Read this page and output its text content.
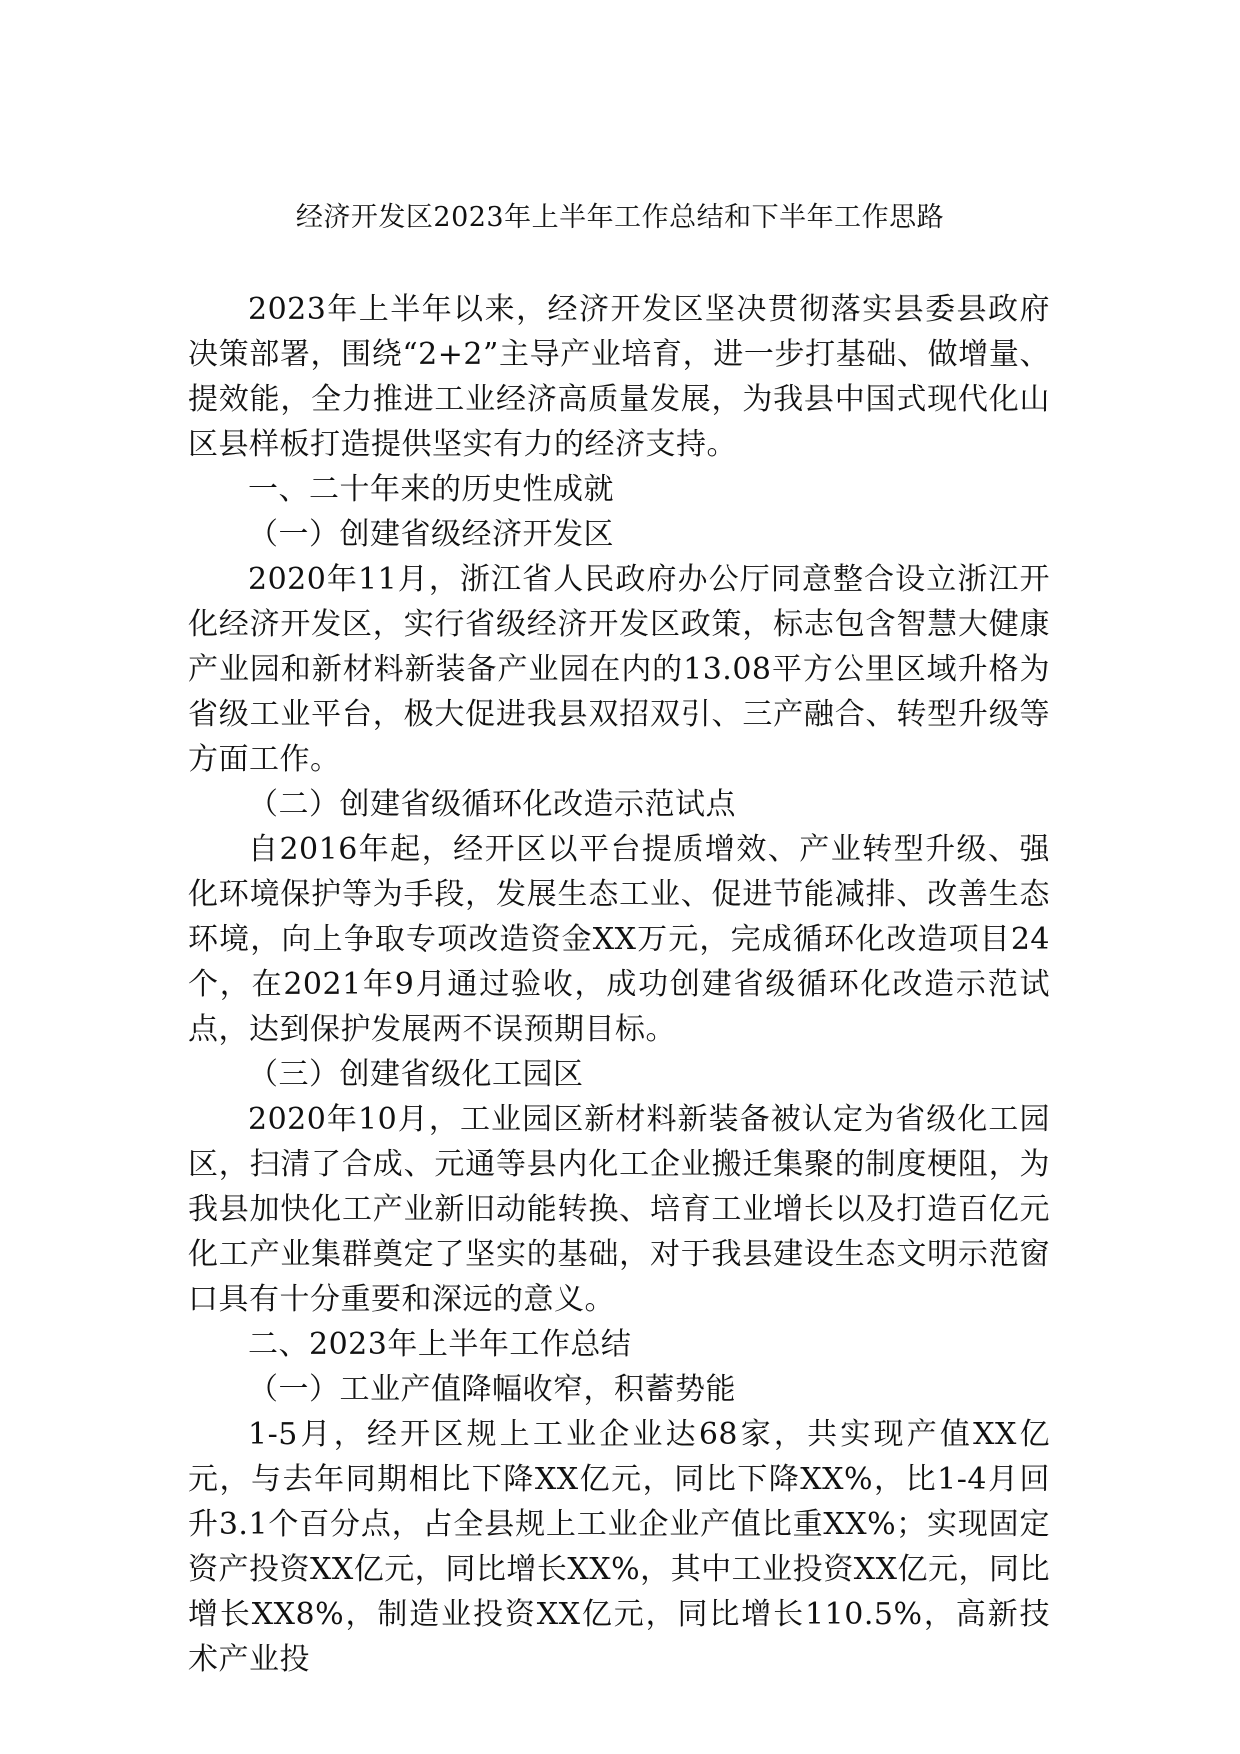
经济开发区2023年上半年工作总结和下半年工作思路

2023年上半年以来，经济开发区坚决贯彻落实县委县政府决策部署，围绕“2+2”主导产业培育，进一步打基础、做增量、提效能，全力推进工业经济高质量发展，为我县中国式现代化山区县样板打造提供坚实有力的经济支持。

一、二十年来的历史性成就

（一）创建省级经济开发区

2020年11月，浙江省人民政府办公厅同意整合设立浙江开化经济开发区，实行省级经济开发区政策，标志包含智慧大健康产业园和新材料新装备产业园在内的13.08平方公里区域升格为省级工业平台，极大促进我县双招双引、三产融合、转型升级等方面工作。

（二）创建省级循环化改造示范试点

自2016年起，经开区以平台提质增效、产业转型升级、强化环境保护等为手段，发展生态工业、促进节能减排、改善生态环境，向上争取专项改造资金XX万元，完成循环化改造项目24个，在2021年9月通过验收，成功创建省级循环化改造示范试点，达到保护发展两不误预期目标。

（三）创建省级化工园区

2020年10月，工业园区新材料新装备被认定为省级化工园区，扫清了合成、元通等县内化工企业搬迁集聚的制度梗阻，为我县加快化工产业新旧动能转换、培育工业增长以及打造百亿元化工产业集群奠定了坚实的基础，对于我县建设生态文明示范窗口具有十分重要和深远的意义。

二、2023年上半年工作总结

（一）工业产值降幅收窄，积蓄势能

1-5月，经开区规上工业企业达68家，共实现产值XX亿元，与去年同期相比下降XX亿元，同比下降XX%，比1-4月回升3.1个百分点，占全县规上工业企业产值比重XX%；实现固定资产投资XX亿元，同比增长XX%，其中工业投资XX亿元，同比增长XX8%，制造业投资XX亿元，同比增长110.5%，高新技术产业投
